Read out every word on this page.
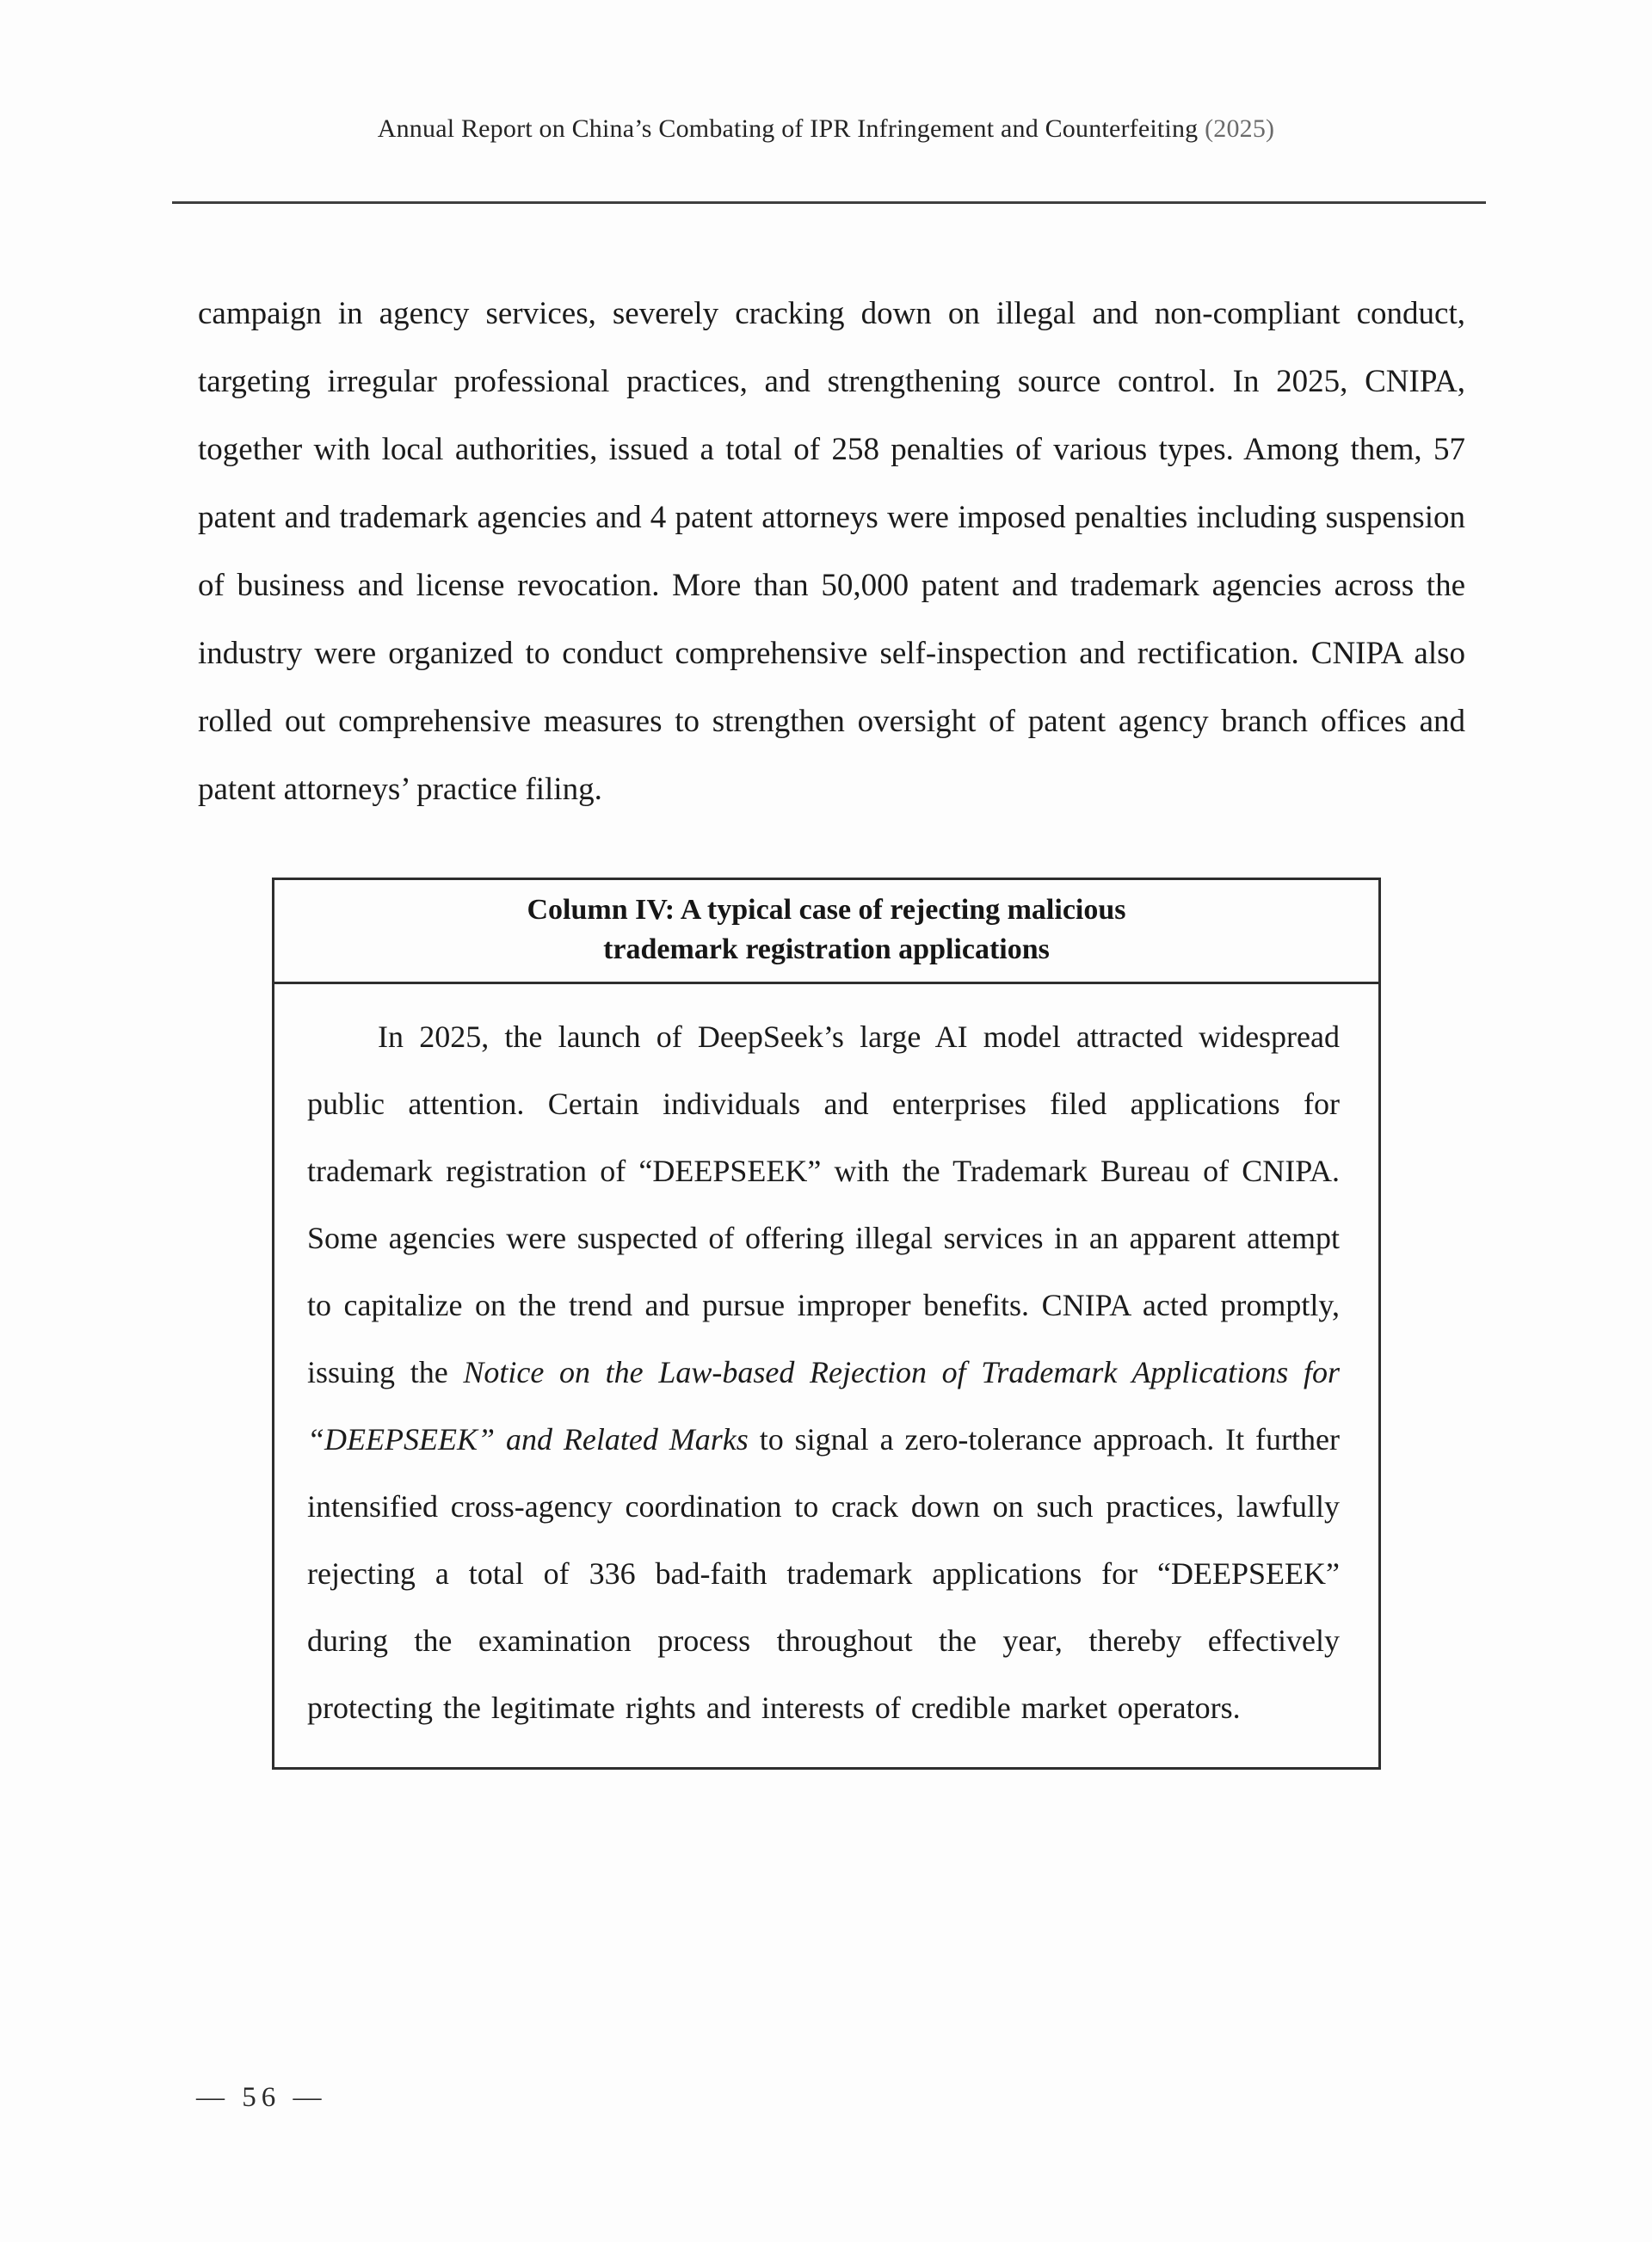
Annual Report on China’s Combating of IPR Infringement and Counterfeiting (2025)

campaign in agency services, severely cracking down on illegal and non-compliant conduct, targeting irregular professional practices, and strengthening source control. In 2025, CNIPA, together with local authorities, issued a total of 258 penalties of various types. Among them, 57 patent and trademark agencies and 4 patent attorneys were imposed penalties including suspension of business and license revocation. More than 50,000 patent and trademark agencies across the industry were organized to conduct comprehensive self-inspection and rectification. CNIPA also rolled out comprehensive measures to strengthen oversight of patent agency branch offices and patent attorneys’ practice filing.

Column IV: A typical case of rejecting malicious
trademark registration applications
In 2025, the launch of DeepSeek’s large AI model attracted widespread public attention. Certain individuals and enterprises filed applications for trademark registration of “DEEPSEEK” with the Trademark Bureau of CNIPA. Some agencies were suspected of offering illegal services in an apparent attempt to capitalize on the trend and pursue improper benefits. CNIPA acted promptly, issuing the Notice on the Law-based Rejection of Trademark Applications for “DEEPSEEK” and Related Marks to signal a zero-tolerance approach. It further intensified cross-agency coordination to crack down on such practices, lawfully rejecting a total of 336 bad-faith trademark applications for “DEEPSEEK” during the examination process throughout the year, thereby effectively protecting the legitimate rights and interests of credible market operators.
— 56 —
